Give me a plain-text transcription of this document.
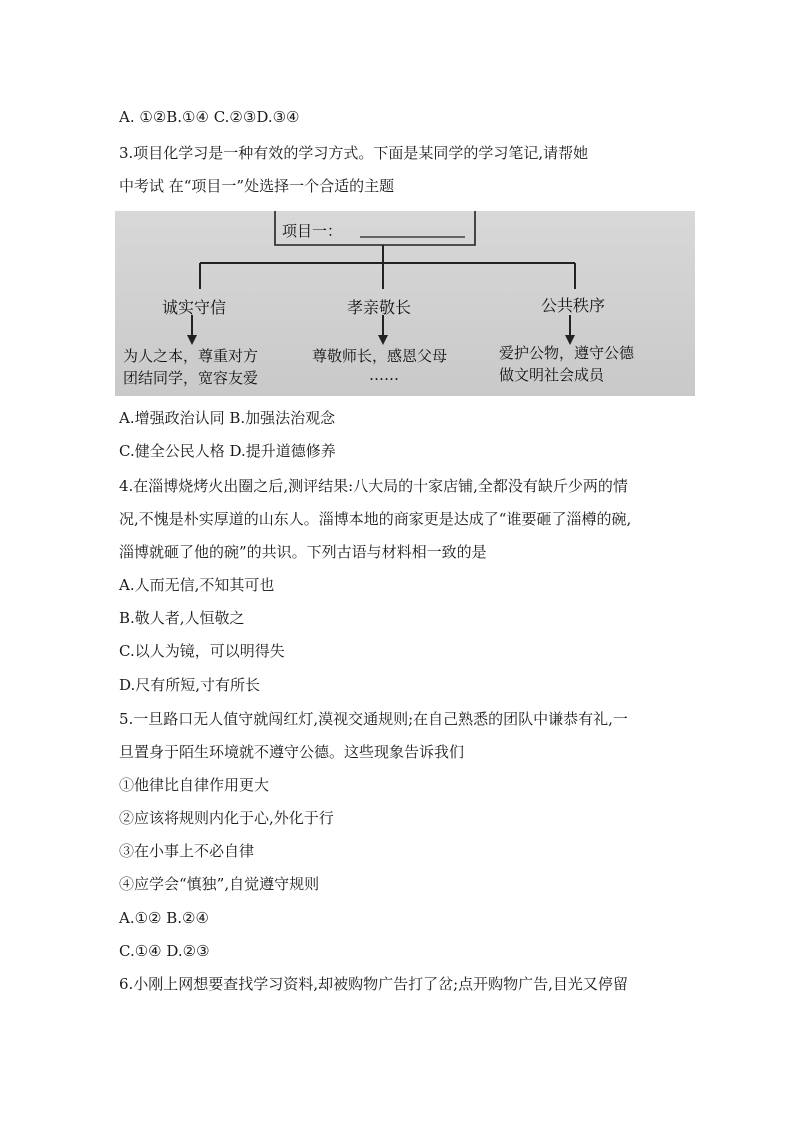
A. ①②B.①④ C.②③D.③④

3.项目化学习是一种有效的学习方式。下面是某同学的学习笔记,请帮她

中考试 在“项目一”处选择一个合适的主题

项目一：

诚实守信	孝亲敬长	公共秩序

为人之本，尊重对方

团结同学，宽容友爱

尊敬师长，感恩父母

……

爱护公物，遵守公德

做文明社会成员

A.增强政治认同 B.加强法治观念

C.健全公民人格 D.提升道德修养

4.在淄博烧烤火出圈之后,测评结果:八大局的十家店铺,全都没有缺斤少两的情

况,不愧是朴实厚道的山东人。淄博本地的商家更是达成了“谁要砸了淄樽的碗,

淄博就砸了他的碗”的共识。下列古语与材料相一致的是

A.人而无信,不知其可也

B.敬人者,人恒敬之

C.以人为镜，可以明得失

D.尺有所短,寸有所长

5.一旦路口无人值守就闯红灯,漠视交通规则;在自己熟悉的团队中谦恭有礼,一

旦置身于陌生环境就不遵守公德。这些现象告诉我们

①他律比自律作用更大

②应该将规则内化于心,外化于行

③在小事上不必自律

④应学会“慎独”,自觉遵守规则

A.①② B.②④

C.①④ D.②③

6.小刚上网想要查找学习资料,却被购物广告打了岔;点开购物广告,目光又停留
